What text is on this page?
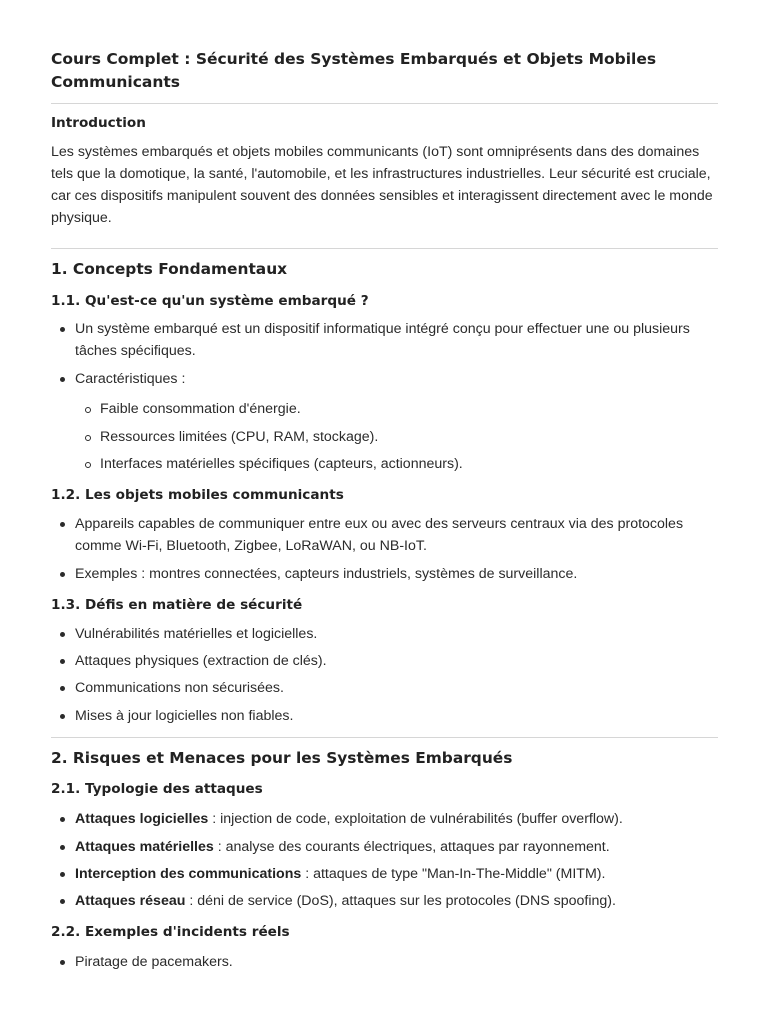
Cours Complet : Sécurité des Systèmes Embarqués et Objets Mobiles Communicants
Introduction

Les systèmes embarqués et objets mobiles communicants (IoT) sont omniprésents dans des domaines tels que la domotique, la santé, l'automobile, et les infrastructures industrielles. Leur sécurité est cruciale, car ces dispositifs manipulent souvent des données sensibles et interagissent directement avec le monde physique.

1. Concepts Fondamentaux
1.1. Qu'est-ce qu'un système embarqué ?
Un système embarqué est un dispositif informatique intégré conçu pour effectuer une ou plusieurs tâches spécifiques.
Caractéristiques :
Faible consommation d'énergie.
Ressources limitées (CPU, RAM, stockage).
Interfaces matérielles spécifiques (capteurs, actionneurs).
1.2. Les objets mobiles communicants
Appareils capables de communiquer entre eux ou avec des serveurs centraux via des protocoles comme Wi-Fi, Bluetooth, Zigbee, LoRaWAN, ou NB-IoT.
Exemples : montres connectées, capteurs industriels, systèmes de surveillance.
1.3. Défis en matière de sécurité
Vulnérabilités matérielles et logicielles.
Attaques physiques (extraction de clés).
Communications non sécurisées.
Mises à jour logicielles non fiables.
2. Risques et Menaces pour les Systèmes Embarqués
2.1. Typologie des attaques
Attaques logicielles : injection de code, exploitation de vulnérabilités (buffer overflow).
Attaques matérielles : analyse des courants électriques, attaques par rayonnement.
Interception des communications : attaques de type "Man-In-The-Middle" (MITM).
Attaques réseau : déni de service (DoS), attaques sur les protocoles (DNS spoofing).
2.2. Exemples d'incidents réels
Piratage de pacemakers.
